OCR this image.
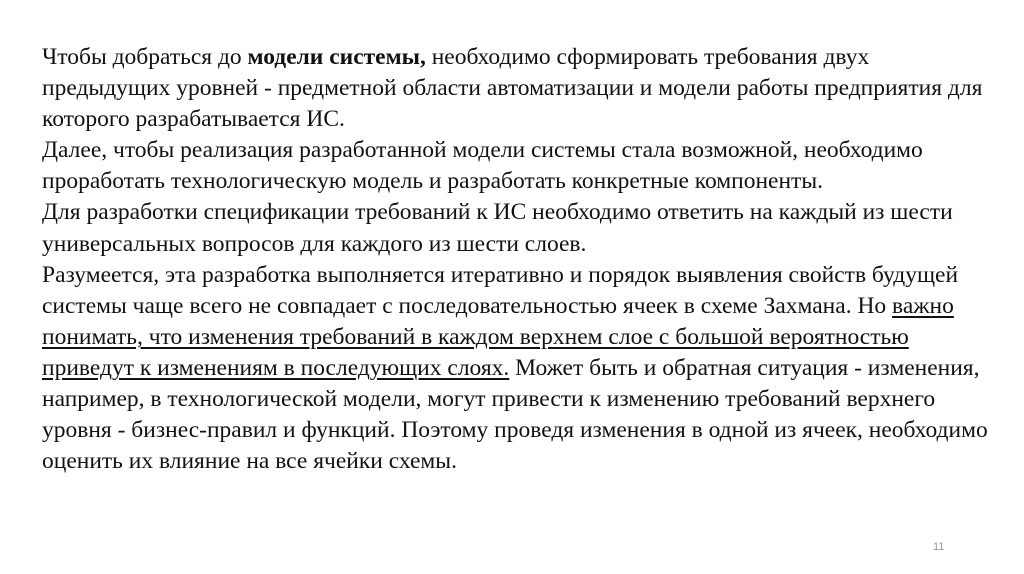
Чтобы добраться до модели системы, необходимо сформировать требования двух предыдущих уровней - предметной области автоматизации и модели работы предприятия для которого разрабатывается ИС.

Далее, чтобы реализация разработанной модели системы стала возможной, необходимо проработать технологическую модель и разработать конкретные компоненты.

Для разработки спецификации требований к ИС необходимо ответить на каждый из шести универсальных вопросов для каждого из шести слоев.

Разумеется, эта разработка выполняется итеративно и порядок выявления свойств будущей системы чаще всего не совпадает с последовательностью ячеек в схеме Захмана. Но важно понимать, что изменения требований в каждом верхнем слое с большой вероятностью приведут к изменениям в последующих слоях. Может быть и обратная ситуация - изменения, например, в технологической модели, могут привести к изменению требований верхнего уровня - бизнес-правил и функций. Поэтому проведя изменения в одной из ячеек, необходимо оценить их влияние на все ячейки схемы.

11
